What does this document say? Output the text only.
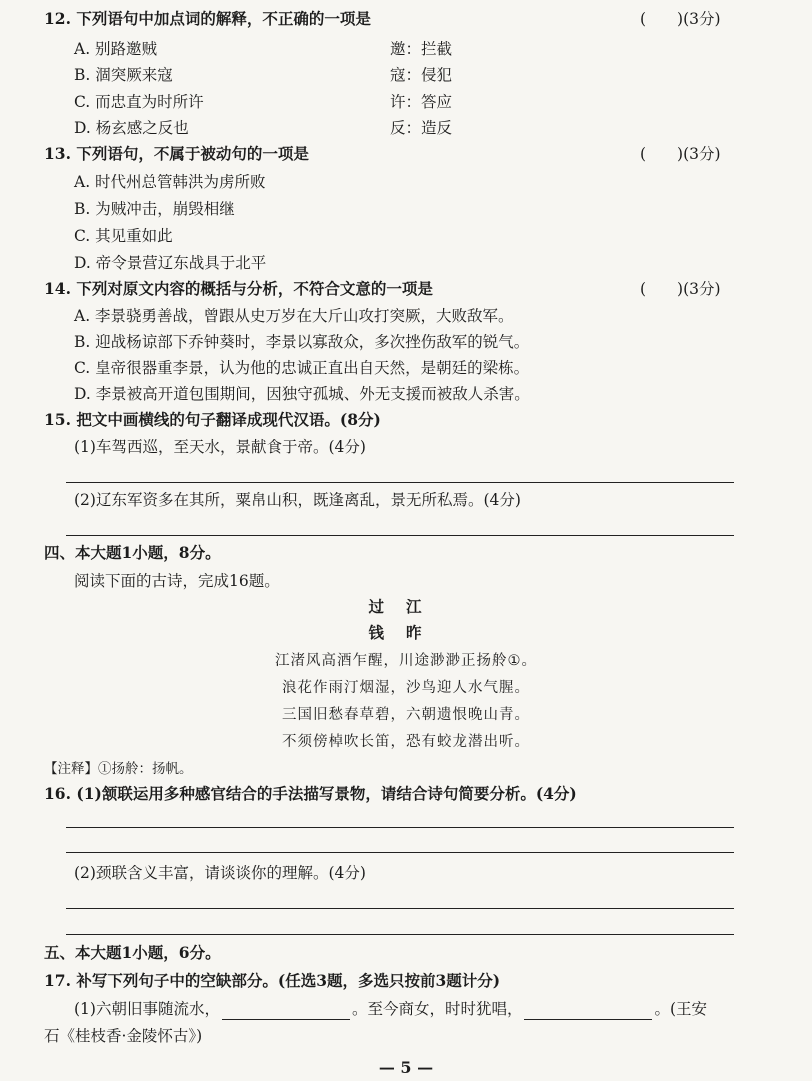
12. 下列语句中加点词的解释，不正确的一项是	(　　)(3分)
A. 别路邀贼	邀：拦截
B. 涸突厥来寇	寇：侵犯
C. 而忠直为时所许	许：答应
D. 杨玄感之反也	反：造反
13. 下列语句，不属于被动句的一项是	(　　)(3分)
A. 时代州总管韩洪为虏所败
B. 为贼冲击，崩毁相继
C. 其见重如此
D. 帝令景营辽东战具于北平
14. 下列对原文内容的概括与分析，不符合文意的一项是	(　　)(3分)
A. 李景骁勇善战，曾跟从史万岁在大斤山攻打突厥，大败敌军。
B. 迎战杨谅部下乔钟葵时，李景以寡敌众，多次挫伤敌军的锐气。
C. 皇帝很器重李景，认为他的忠诚正直出自天然，是朝廷的梁栋。
D. 李景被高开道包围期间，因独守孤城、外无支援而被敌人杀害。
15. 把文中画横线的句子翻译成现代汉语。(8分)
(1)车驾西巡，至天水，景献食于帝。(4分)
(2)辽东军资多在其所，粟帛山积，既逢离乱，景无所私焉。(4分)
四、本大题1小题，8分。
阅读下面的古诗，完成16题。
过江
钱昨
江渚风高酒乍醒，川途渺渺正扬舲①。
浪花作雨汀烟湿，沙鸟迎人水气腥。
三国旧愁春草碧，六朝遗恨晚山青。
不须傍棹吹长笛，恐有蛟龙潜出听。
【注释】①扬舲：扬帆。
16. (1)颔联运用多种感官结合的手法描写景物，请结合诗句简要分析。(4分)
(2)颈联含义丰富，请谈谈你的理解。(4分)
五、本大题1小题，6分。
17. 补写下列句子中的空缺部分。(任选3题，多选只按前3题计分)
(1)六朝旧事随流水，	。至今商女，时时犹唱，	。(王安
石《桂枝香·金陵怀古》)
— 5 —
